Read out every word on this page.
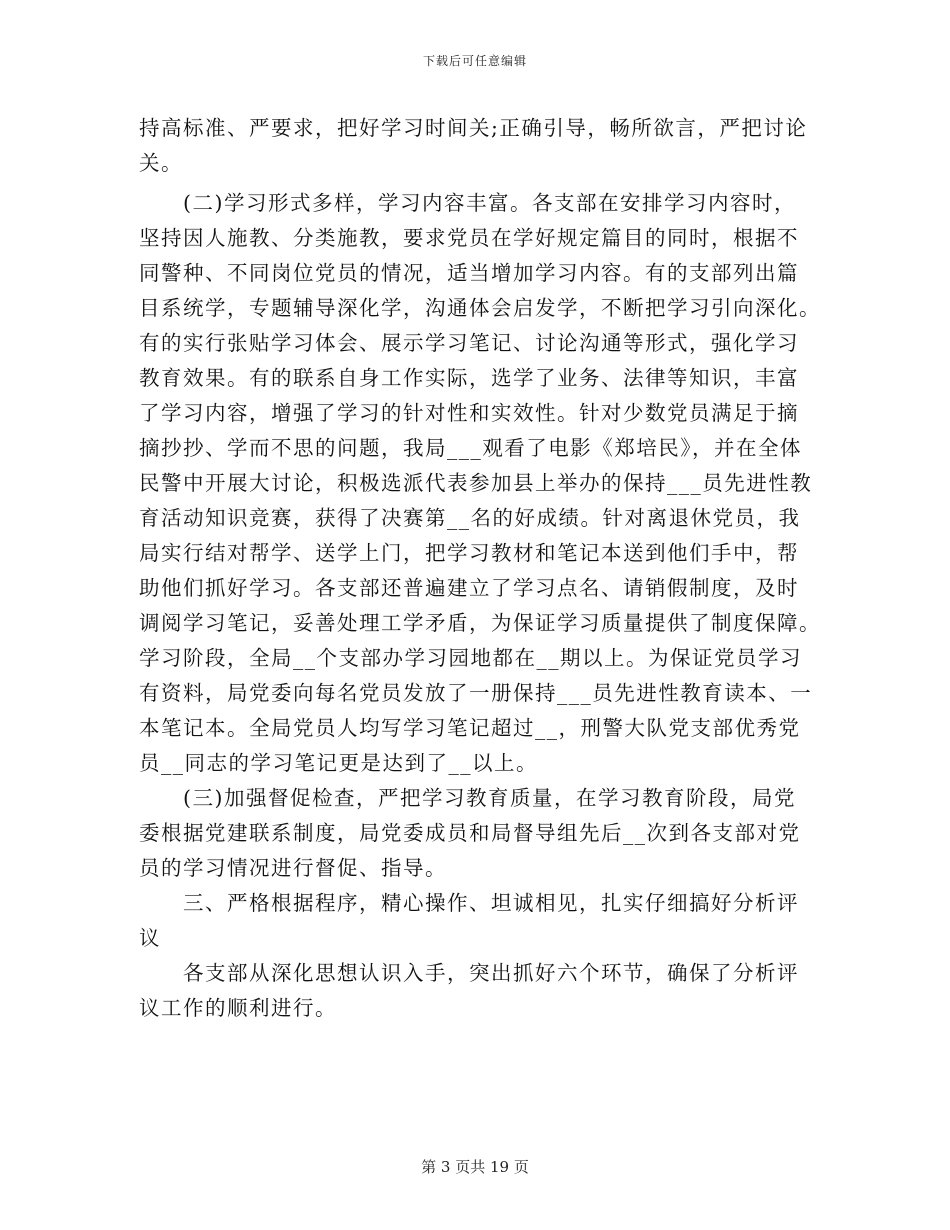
下载后可任意编辑
持高标准、严要求，把好学习时间关;正确引导，畅所欲言，严把讨论
关。
　　(二)学习形式多样，学习内容丰富。各支部在安排学习内容时，
坚持因人施教、分类施教，要求党员在学好规定篇目的同时，根据不
同警种、不同岗位党员的情况，适当增加学习内容。有的支部列出篇
目系统学，专题辅导深化学，沟通体会启发学，不断把学习引向深化。
有的实行张贴学习体会、展示学习笔记、讨论沟通等形式，强化学习
教育效果。有的联系自身工作实际，选学了业务、法律等知识，丰富
了学习内容，增强了学习的针对性和实效性。针对少数党员满足于摘
摘抄抄、学而不思的问题，我局___观看了电影《郑培民》，并在全体
民警中开展大讨论，积极选派代表参加县上举办的保持___员先进性教
育活动知识竞赛，获得了决赛第__名的好成绩。针对离退休党员，我
局实行结对帮学、送学上门，把学习教材和笔记本送到他们手中，帮
助他们抓好学习。各支部还普遍建立了学习点名、请销假制度，及时
调阅学习笔记，妥善处理工学矛盾，为保证学习质量提供了制度保障。
学习阶段，全局__个支部办学习园地都在__期以上。为保证党员学习
有资料，局党委向每名党员发放了一册保持___员先进性教育读本、一
本笔记本。全局党员人均写学习笔记超过__，刑警大队党支部优秀党
员__同志的学习笔记更是达到了__以上。
　　(三)加强督促检查，严把学习教育质量，在学习教育阶段，局党
委根据党建联系制度，局党委成员和局督导组先后__次到各支部对党
员的学习情况进行督促、指导。
　　三、严格根据程序，精心操作、坦诚相见，扎实仔细搞好分析评
议
　　各支部从深化思想认识入手，突出抓好六个环节，确保了分析评
议工作的顺利进行。
第 3 页共 19 页
